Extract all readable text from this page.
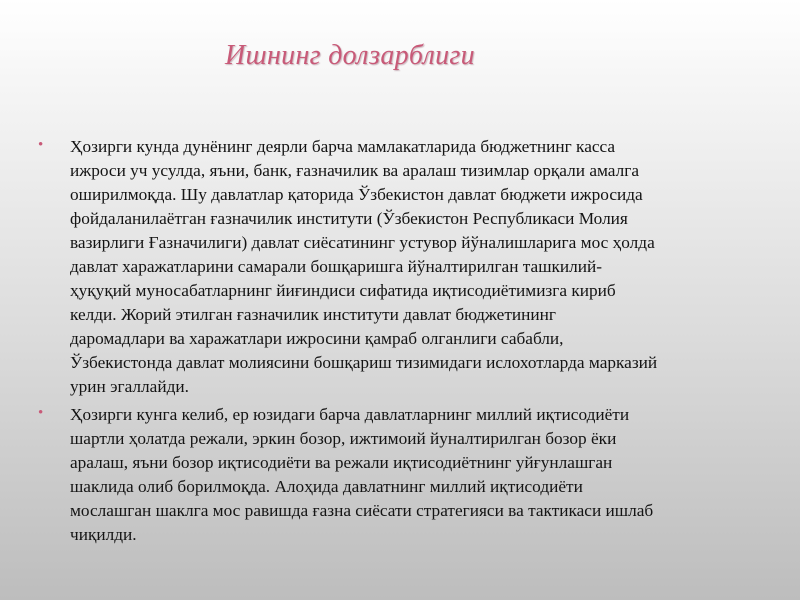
Ишнинг долзарблиги
• Ҳозирги кунда дунёнинг деярли барча мамлакатларида бюджетнинг касса
ижроси уч усулда, яъни, банк, ғазначилик ва аралаш тизимлар орқали амалга
оширилмоқда. Шу давлатлар қаторида Ўзбекистон давлат бюджети ижросида
фойдаланилаётган ғазначилик институти (Ўзбекистон Республикаси Молия
вазирлиги Ғазначилиги) давлат сиёсатининг устувор йўналишларига мос ҳолда
давлат харажатларини самарали бошқаришга йўналтирилган ташкилий-
ҳуқуқий муносабатларнинг йиғиндиси сифатида иқтисодиётимизга кириб
келди. Жорий этилган ғазначилик институти давлат бюджетининг
даромадлари ва харажатлари ижросини қамраб олганлиги сабабли,
Ўзбекистонда давлат молиясини бошқариш тизимидаги ислохотларда марказий
урин эгаллайди.
• Ҳозирги кунга келиб, ер юзидаги барча давлатларнинг миллий иқтисодиёти
шартли ҳолатда режали, эркин бозор, ижтимоий йуналтирилган бозор ёки
аралаш, яъни бозор иқтисодиёти ва режали иқтисодиётнинг уйғунлашган
шаклида олиб борилмоқда. Алоҳида давлатнинг миллий иқтисодиёти
мослашган шаклга мос равишда ғазна сиёсати стратегияси ва тактикаси ишлаб
чиқилди.
